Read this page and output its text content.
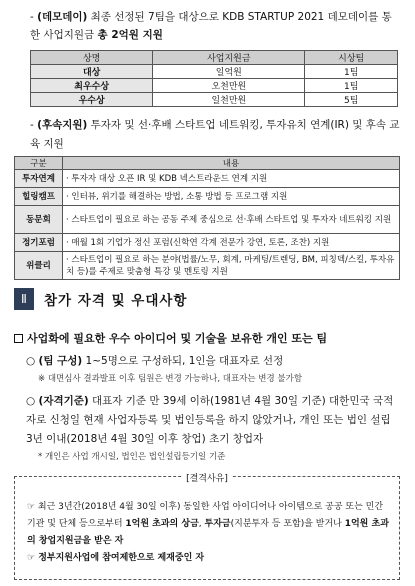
- (데모데이) 최종 선정된 7팀을 대상으로 KDB STARTUP 2021 데모데이를 통한 사업지원금 총 2억원 지원
상명	사업지원금	시상팀
대상	일억원	1팀
최우수상	오천만원	1팀
우수상	일천만원	5팀
- (후속지원) 투자자 및 선·후배 스타트업 네트워킹, 투자유치 연계(IR) 및 후속 교육 지원
구분	내용
투자연계	· 투자자 대상 오픈 IR 및 KDB 넥스트라운드 연계 지원
힐링캠프	· 인터뷰, 위기를 해결하는 방법, 소통 방법 등 프로그램 지원
동문회	· 스타트업이 필요로 하는 공동 주제 중심으로 선·후배 스타트업 및 투자자 네트워킹 지원
정기포럼	· 매월 1회 기업가 정신 포럼(신학연 각계 전문가 강연, 토론, 조찬) 지원
위클리	· 스타트업이 필요로 하는 분야(법률/노무, 회계, 마케팅/트렌딩, BM, 피칭덱/스킬, 투자유치 등)를 주제로 맞춤형 특강 및 멘토링 지원
Ⅱ	참가 자격 및 우대사항
사업화에 필요한 우수 아이디어 및 기술을 보유한 개인 또는 팀
○ (팀 구성) 1~5명으로 구성하되, 1인을 대표자로 선정
※ 대면심사 결과발표 이후 팀원은 변경 가능하나, 대표자는 변경 불가함
○ (자격기준) 대표자 기준 만 39세 이하(1981년 4월 30일 기준) 대한민국 국적자로 신청일 현재 사업자등록 및 법인등록을 하지 않았거나, 개인 또는 법인 설립 3년 이내(2018년 4월 30일 이후 창업) 초기 창업자
* 개인은 사업 개시일, 법인은 법인설립등기일 기준
[결격사유]
☞ 최근 3년간(2018년 4월 30일 이후) 동일한 사업 아이디어나 아이템으로 공공 또는 민간 기관 및 단체 등으로부터 1억원 초과의 상금, 투자금(지분투자 등 포함)을 받거나 1억원 초과의 창업지원금을 받은 자
☞ 정부지원사업에 참여제한으로 제재중인 자
